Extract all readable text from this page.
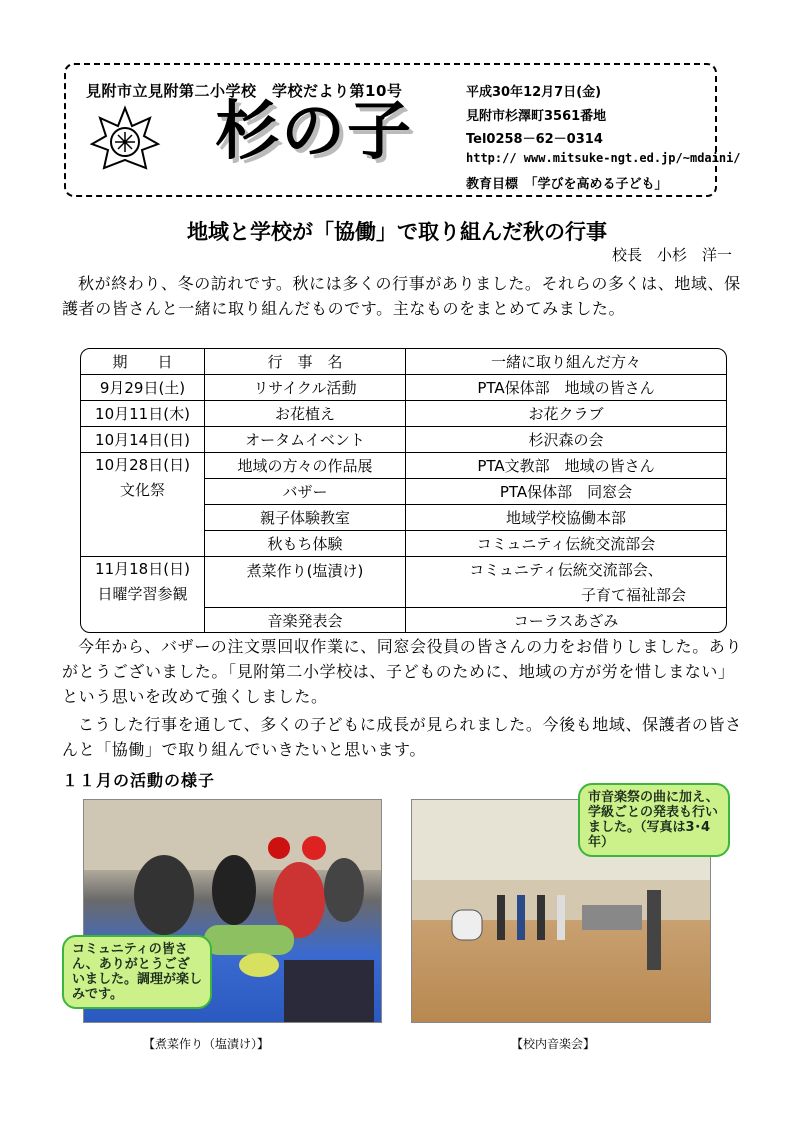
見附市立見附第二小学校　学校だより第10号
杉の子
平成30年12月7日(金)
見附市杉澤町3561番地
Tel0258－62－0314
http:// www.mitsuke-ngt.ed.jp/~mdaini/
教育目標　「学びを高める子ども」
地域と学校が「協働」で取り組んだ秋の行事
校長　小杉　洋一
秋が終わり、冬の訪れです。秋には多くの行事がありました。それらの多くは、地域、保護者の皆さんと一緒に取り組んだものです。主なものをまとめてみました。
期　　日	行　事　名	一緒に取り組んだ方々
9月29日(土)	リサイクル活動	PTA保体部　地域の皆さん
10月11日(木)	お花植え	お花クラブ
10月14日(日)	オータムイベント	杉沢森の会

10月28日(日)
文化祭	地域の方々の作品展	PTA文教部　地域の皆さん
	バザー	PTA保体部　同窓会
	親子体験教室	地域学校協働本部
	秋もち体験	コミュニティ伝統交流部会

11月18日(日)
日曜学習参観	煮菜作り(塩漬け)	コミュニティ伝統交流部会、
		子育て福祉部会
	音楽発表会	コーラスあざみ
今年から、バザーの注文票回収作業に、同窓会役員の皆さんの力をお借りしました。ありがとうございました。「見附第二小学校は、子どものために、地域の方が労を惜しまない」という思いを改めて強くしました。
こうした行事を通して、多くの子どもに成長が見られました。今後も地域、保護者の皆さんと「協働」で取り組んでいきたいと思います。
１１月の活動の様子
コミュニティの皆さん、ありがとうございました。調理が楽しみです。
【煮菜作り（塩漬け）】
市音楽祭の曲に加え、学級ごとの発表も行いました。（写真は3･4年）
【校内音楽会】
